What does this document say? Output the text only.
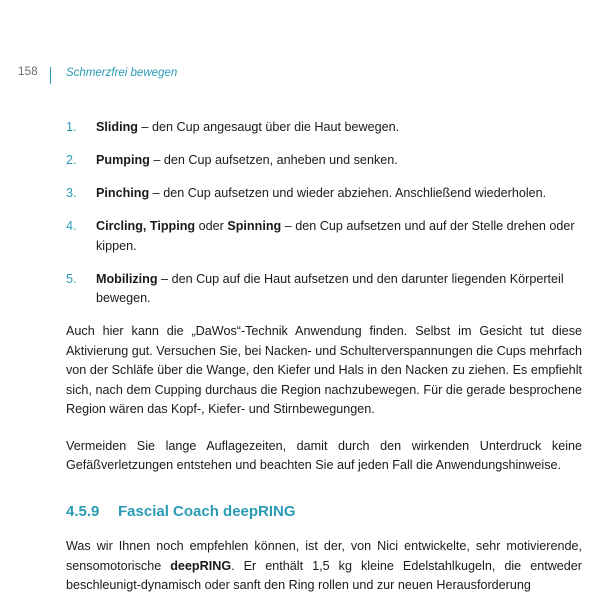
158 Schmerzfrei bewegen
1.	Sliding – den Cup angesaugt über die Haut bewegen.
2.	Pumping – den Cup aufsetzen, anheben und senken.
3.	Pinching – den Cup aufsetzen und wieder abziehen. Anschließend wiederholen.
4.	Circling, Tipping oder Spinning – den Cup aufsetzen und auf der Stelle drehen oder kippen.
5.	Mobilizing – den Cup auf die Haut aufsetzen und den darunter liegenden Körperteil bewegen.

Auch hier kann die „DaWos“-Technik Anwendung finden. Selbst im Gesicht tut diese Aktivierung gut. Versuchen Sie, bei Nacken- und Schulterverspannungen die Cups mehrfach von der Schläfe über die Wange, den Kiefer und Hals in den Nacken zu ziehen. Es empfiehlt sich, nach dem Cupping durchaus die Region nachzubewegen. Für die gerade besprochene Region wären das Kopf-, Kiefer- und Stirnbewegungen.

Vermeiden Sie lange Auflagezeiten, damit durch den wirkenden Unterdruck keine Gefäßverletzungen entstehen und beachten Sie auf jeden Fall die Anwendungshinweise.

4.5.9 Fascial Coach deepRING

Was wir Ihnen noch empfehlen können, ist der, von Nici entwickelte, sehr motivierende, sensomotorische deepRING. Er enthält 1,5 kg kleine Edelstahlkugeln, die entweder beschleunigt-dynamisch oder sanft den Ring rollen und zur neuen Herausforderung
